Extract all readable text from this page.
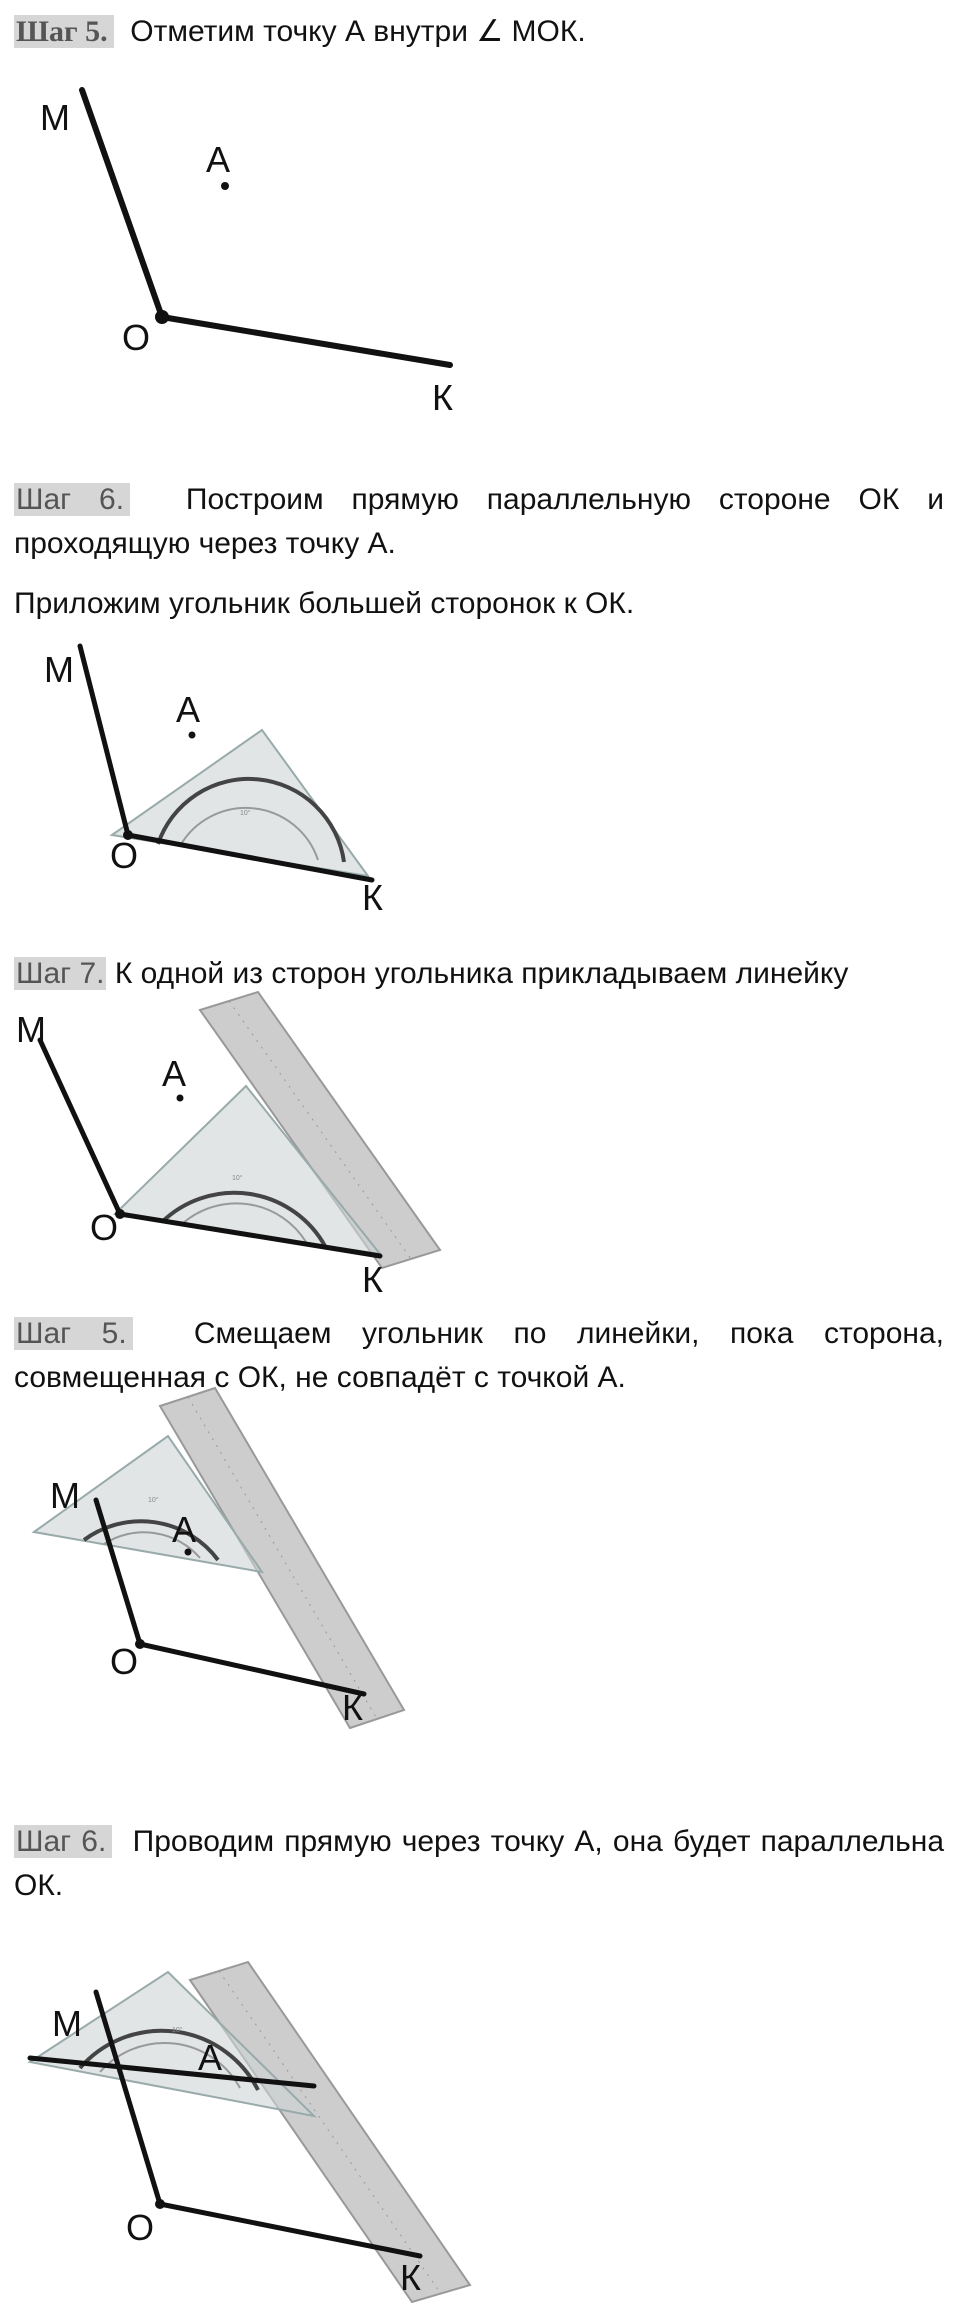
Шаг 5. Отметим точку А внутри ∠ МОК.

М
А
О
К

Шаг 6. Построим прямую параллельную стороне ОК и проходящую через точку А.

Приложим угольник большей сторонок к ОК.

10°
М
А
О
К

Шаг 7. К одной из сторон угольника прикладываем линейку

10°
М
А
О
К

Шаг 5. Смещаем угольник по линейки, пока сторона, совмещенная с ОК, не совпадёт с точкой А.

10°
М
А
О
К

Шаг 6. Проводим прямую через точку А, она будет параллельна ОК.

10°
М
А
О
К
